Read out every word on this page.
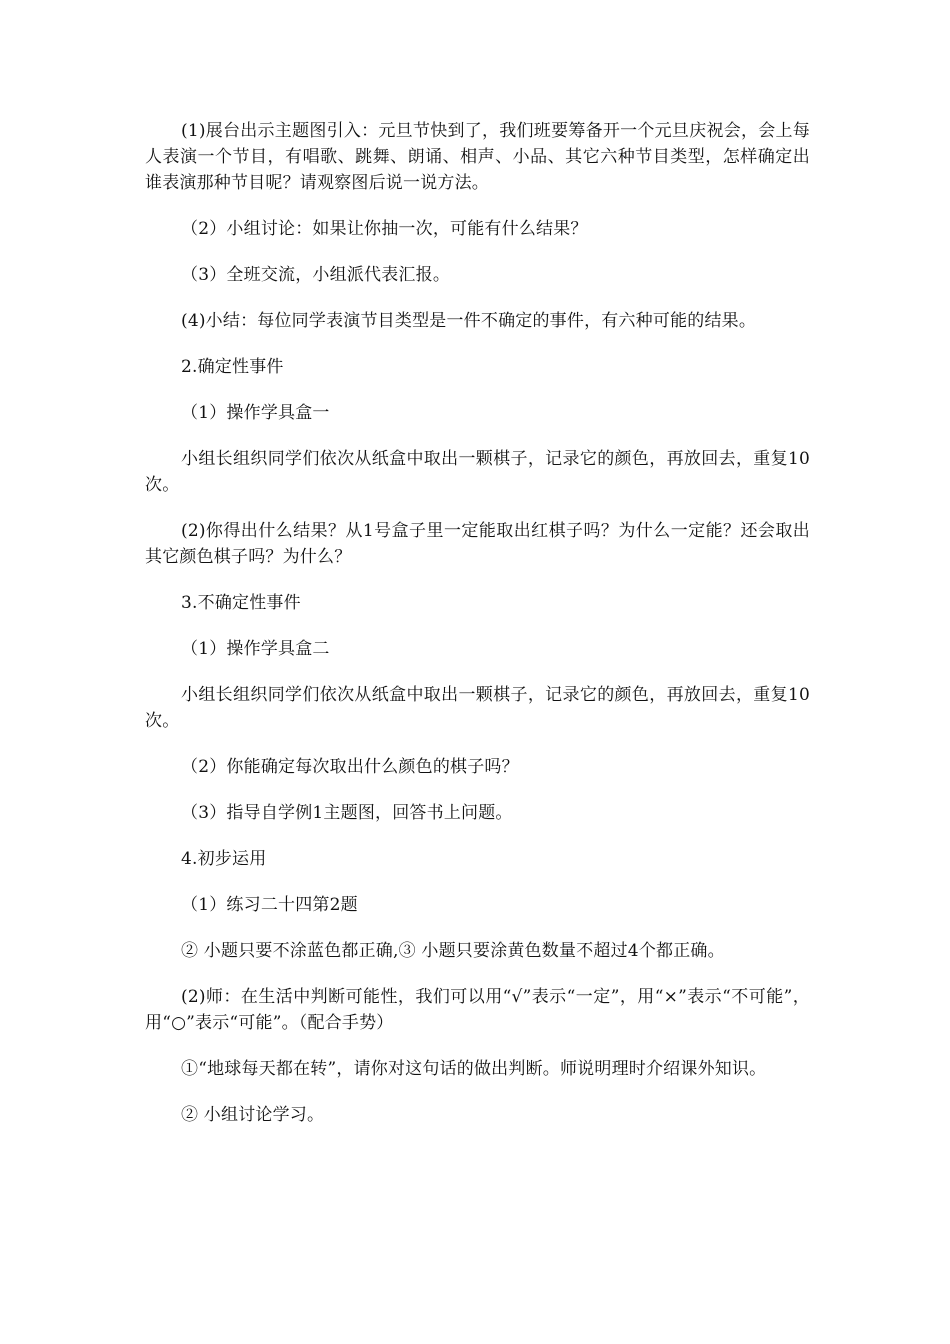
(1)展台出示主题图引入：元旦节快到了，我们班要筹备开一个元旦庆祝会，会上每人表演一个节目，有唱歌、跳舞、朗诵、相声、小品、其它六种节目类型，怎样确定出谁表演那种节目呢？请观察图后说一说方法。

（2）小组讨论：如果让你抽一次，可能有什么结果？

（3）全班交流，小组派代表汇报。

(4)小结：每位同学表演节目类型是一件不确定的事件，有六种可能的结果。

2.确定性事件

（1）操作学具盒一

小组长组织同学们依次从纸盒中取出一颗棋子，记录它的颜色，再放回去，重复10次。

(2)你得出什么结果？从1号盒子里一定能取出红棋子吗？为什么一定能？还会取出其它颜色棋子吗？为什么？

3.不确定性事件

（1）操作学具盒二

小组长组织同学们依次从纸盒中取出一颗棋子，记录它的颜色，再放回去，重复10次。

（2）你能确定每次取出什么颜色的棋子吗？

（3）指导自学例1主题图，回答书上问题。

4.初步运用

（1）练习二十四第2题

② 小题只要不涂蓝色都正确,③ 小题只要涂黄色数量不超过4个都正确。

(2)师：在生活中判断可能性，我们可以用“√”表示“一定”，用“×”表示“不可能”，用“○”表示“可能”。（配合手势）

①“地球每天都在转”，请你对这句话的做出判断。师说明理时介绍课外知识。

② 小组讨论学习。
